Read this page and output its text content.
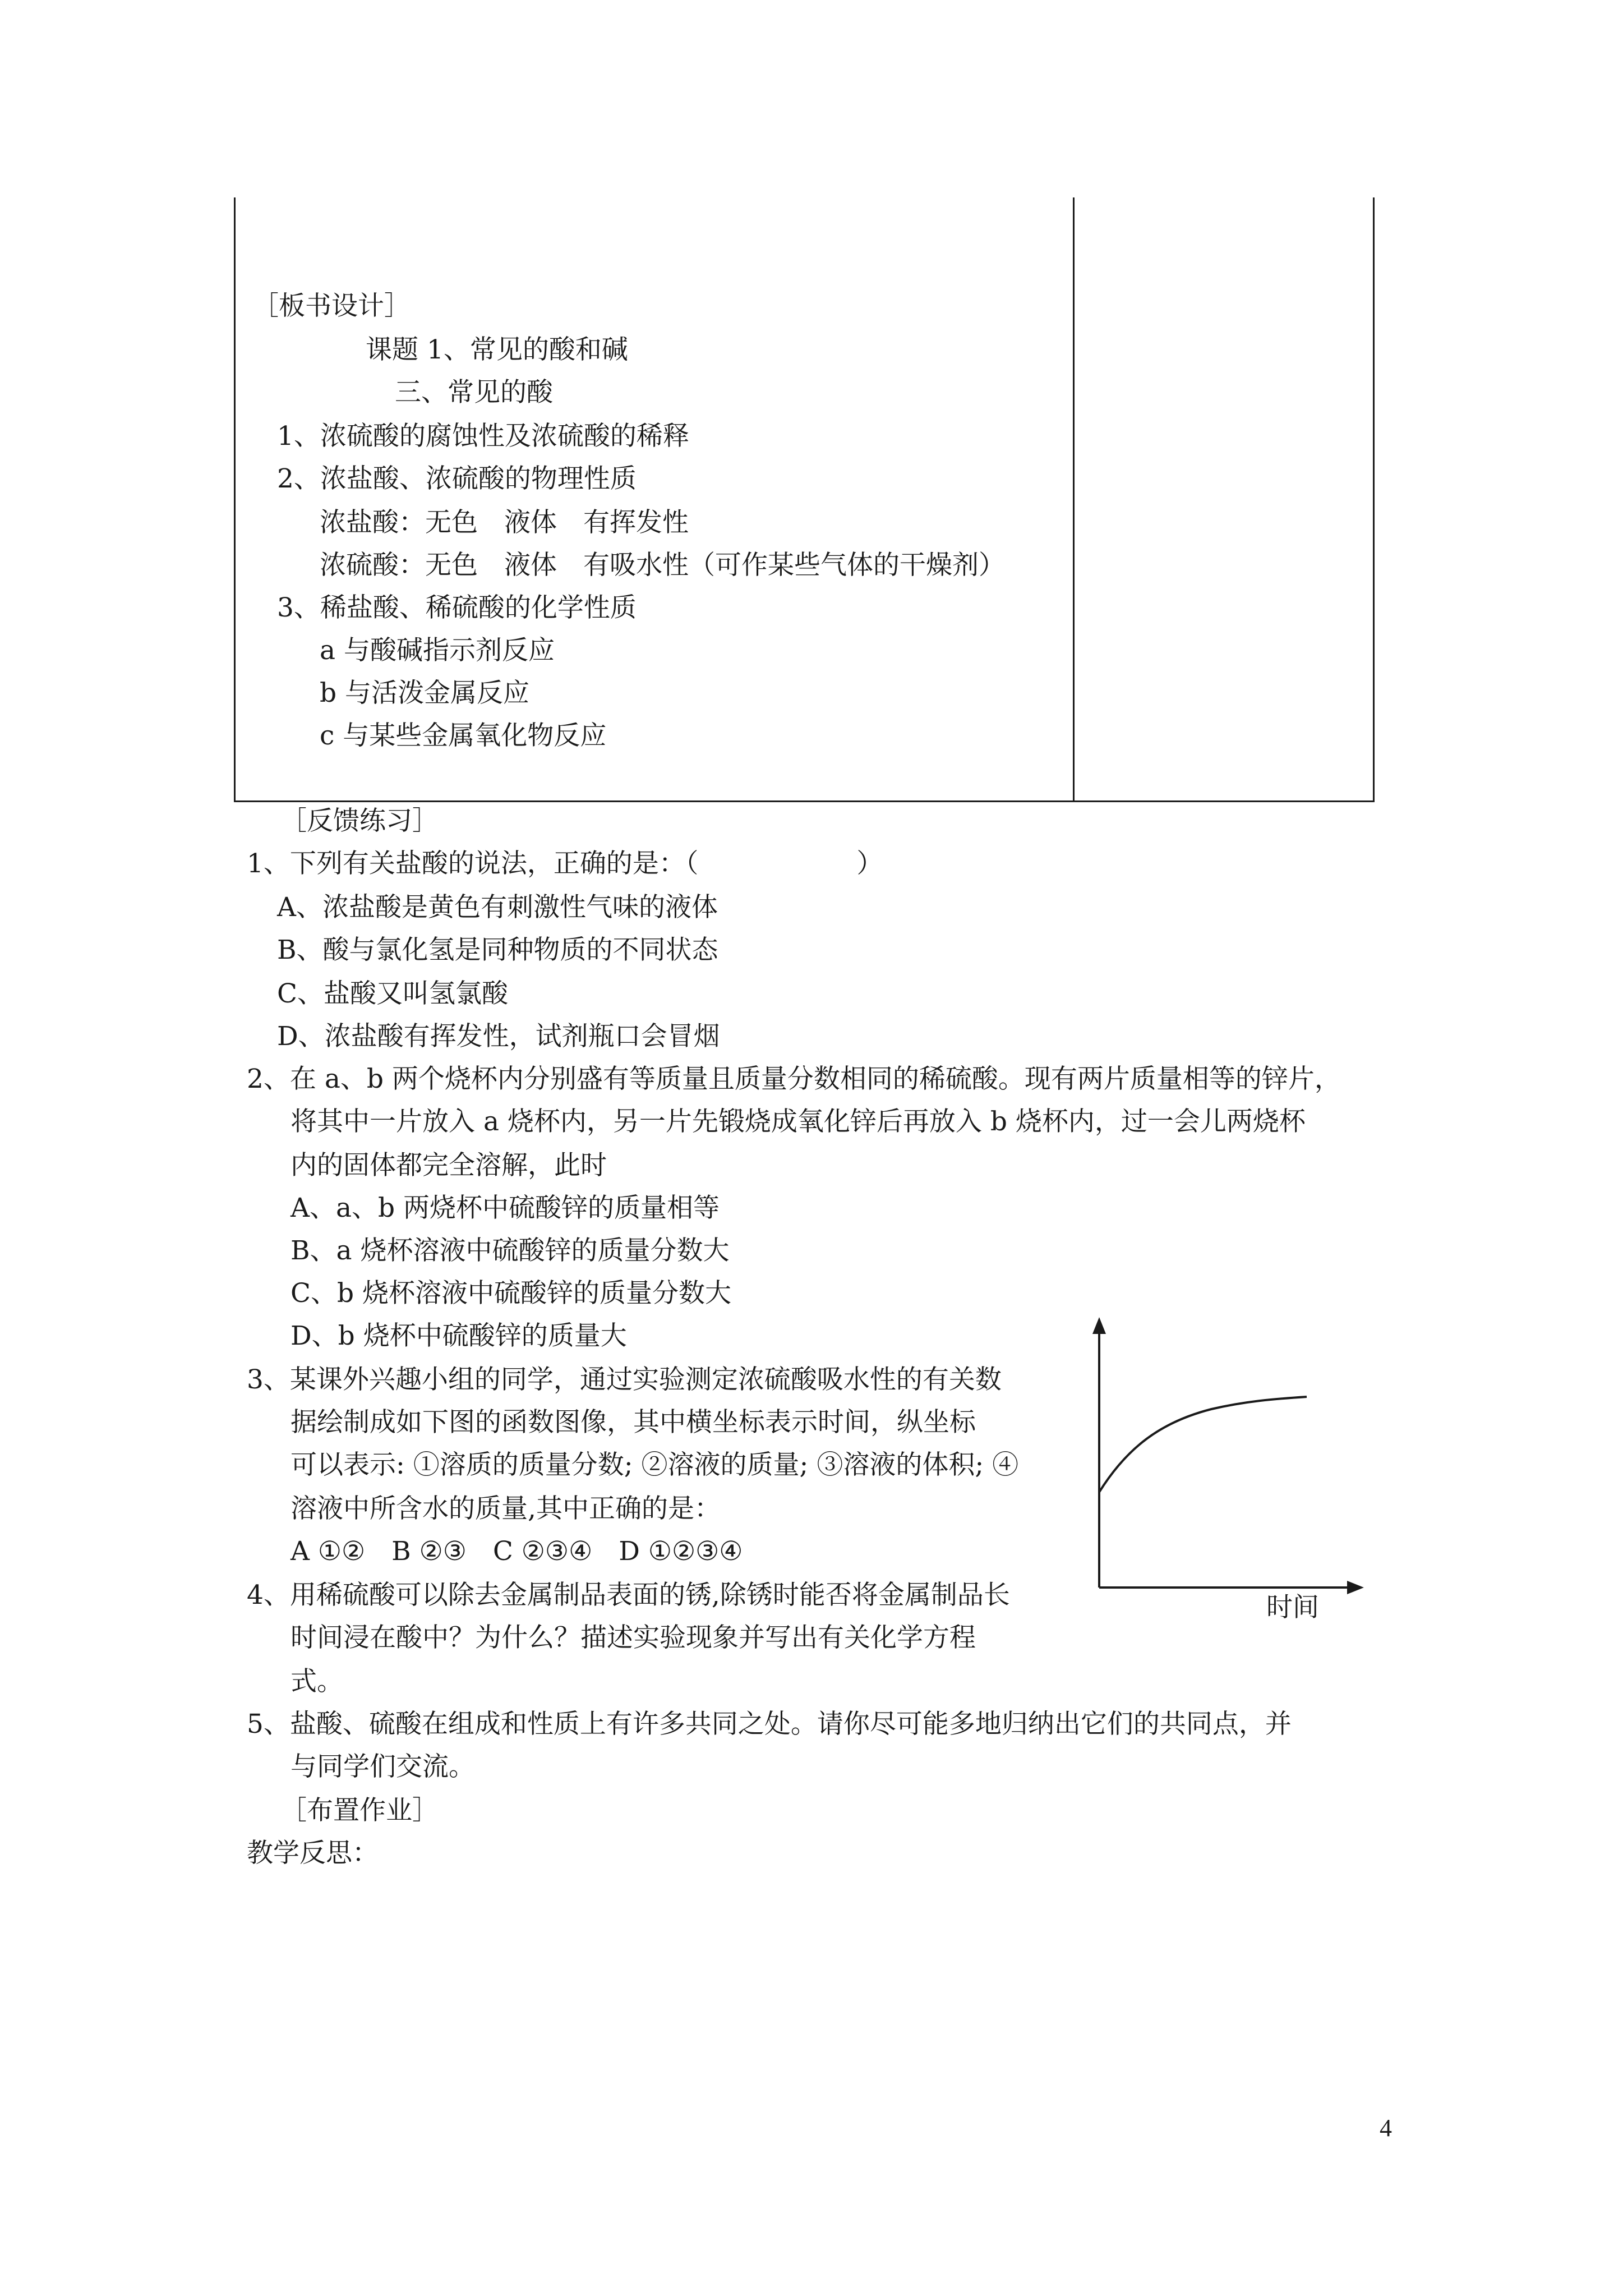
［板书设计］
课题 1、常见的酸和碱
三、常见的酸
1、浓硫酸的腐蚀性及浓硫酸的稀释
2、浓盐酸、浓硫酸的物理性质
浓盐酸：无色　液体　有挥发性
浓硫酸：无色　液体　有吸水性（可作某些气体的干燥剂）
3、稀盐酸、稀硫酸的化学性质
a 与酸碱指示剂反应
b 与活泼金属反应
c 与某些金属氧化物反应
［反馈练习］
1、下列有关盐酸的说法，正确的是：（　　　　　　）
A、浓盐酸是黄色有刺激性气味的液体
B、酸与氯化氢是同种物质的不同状态
C、盐酸又叫氢氯酸
D、浓盐酸有挥发性，试剂瓶口会冒烟
2、在 a、b 两个烧杯内分别盛有等质量且质量分数相同的稀硫酸。现有两片质量相等的锌片，
将其中一片放入 a 烧杯内，另一片先锻烧成氧化锌后再放入 b 烧杯内，过一会儿两烧杯
内的固体都完全溶解，此时
A、a、b 两烧杯中硫酸锌的质量相等
B、a 烧杯溶液中硫酸锌的质量分数大
C、b 烧杯溶液中硫酸锌的质量分数大
D、b 烧杯中硫酸锌的质量大
3、某课外兴趣小组的同学，通过实验测定浓硫酸吸水性的有关数
据绘制成如下图的函数图像，其中横坐标表示时间，纵坐标
可以表示: ①溶质的质量分数; ②溶液的质量; ③溶液的体积; ④
溶液中所含水的质量,其中正确的是：
A ①②　B ②③　C ②③④　D ①②③④
时间
4、用稀硫酸可以除去金属制品表面的锈,除锈时能否将金属制品长
时间浸在酸中？为什么？描述实验现象并写出有关化学方程
式。
5、盐酸、硫酸在组成和性质上有许多共同之处。请你尽可能多地归纳出它们的共同点，并
与同学们交流。
［布置作业］
教学反思：
4
